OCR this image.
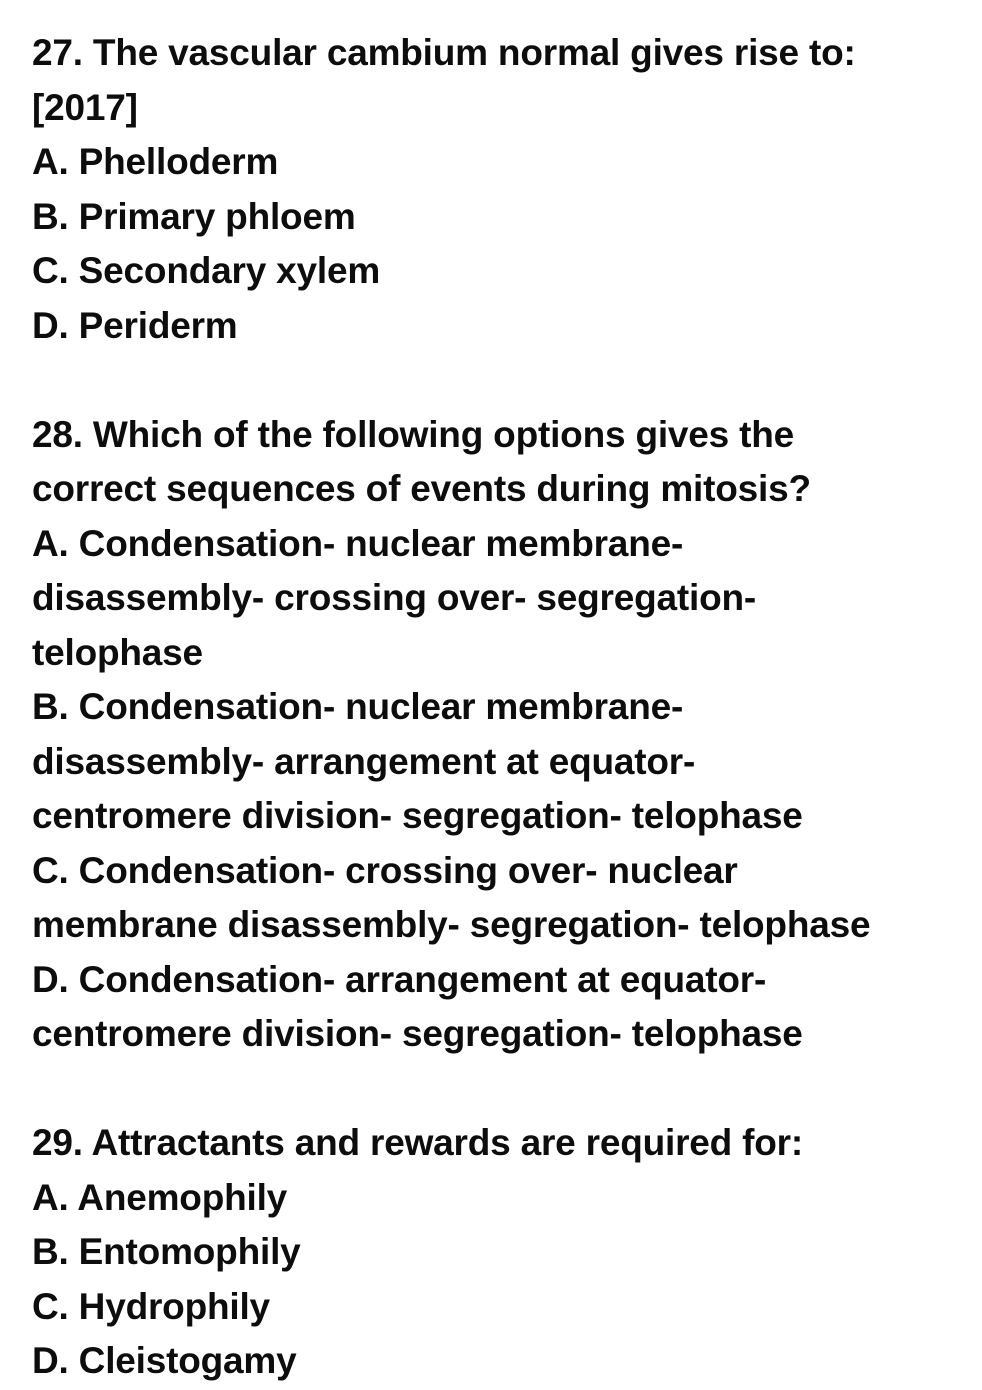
27. The vascular cambium normal gives rise to:
[2017]
A. Phelloderm
B. Primary phloem
C. Secondary xylem
D. Periderm
28. Which of the following options gives the
correct sequences of events during mitosis?
A. Condensation- nuclear membrane-
disassembly- crossing over- segregation-
telophase
B. Condensation- nuclear membrane-
disassembly- arrangement at equator-
centromere division- segregation- telophase
C. Condensation- crossing over- nuclear
membrane disassembly- segregation- telophase
D. Condensation- arrangement at equator-
centromere division- segregation- telophase
29. Attractants and rewards are required for:
A. Anemophily
B. Entomophily
C. Hydrophily
D. Cleistogamy
